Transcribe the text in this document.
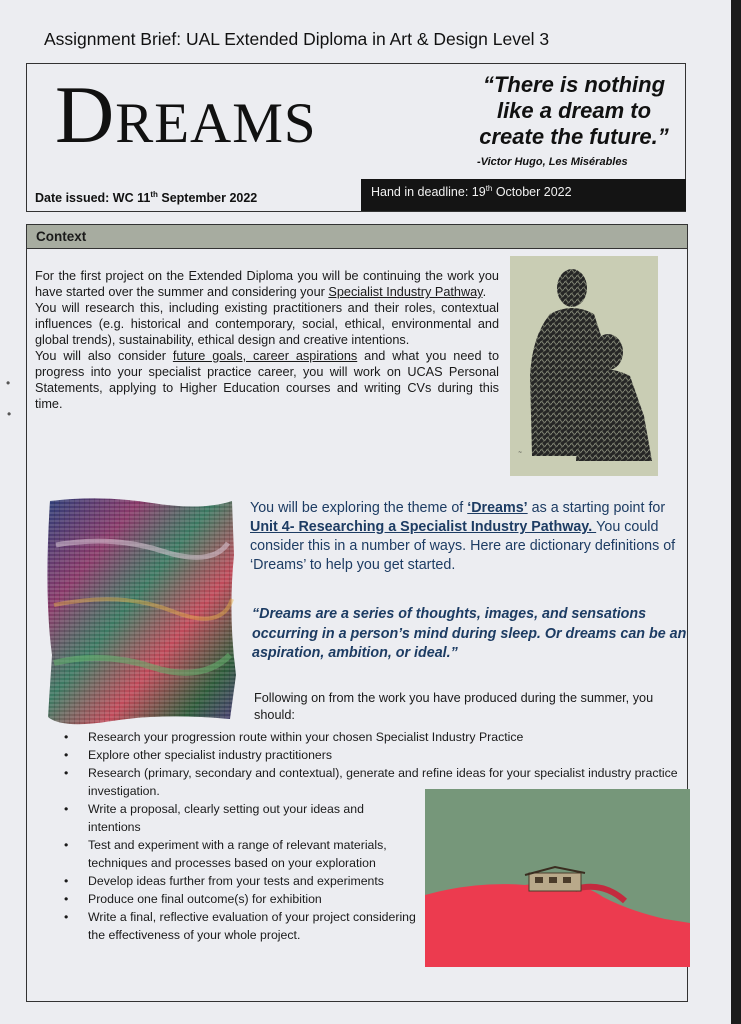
Assignment Brief: UAL Extended Diploma in Art & Design Level 3
Dreams	“There is nothing like a dream to create the future.”
-Victor Hugo, Les Misérables
Date issued: WC 11th September 2022	Hand in deadline: 19th October 2022
Context

For the first project on the Extended Diploma you will be continuing the work you have started over the summer and considering your Specialist Industry Pathway.

You will research this, including existing practitioners and their roles, contextual influences (e.g. historical and contemporary, social, ethical, environmental and global trends), sustainability, ethical design and creative intentions.

You will also consider future goals, career aspirations and what you need to progress into your specialist practice career, you will work on UCAS Personal Statements, applying to Higher Education courses and writing CVs during this time.

~

You will be exploring the theme of ‘Dreams’ as a starting point for Unit 4- Researching a Specialist Industry Pathway. You could consider this in a number of ways. Here are dictionary definitions of ‘Dreams’ to help you get started.

“Dreams are a series of thoughts, images, and sensations occurring in a person’s mind during sleep. Or dreams can be an aspiration, ambition, or ideal.”
Following on from the work you have produced during the summer, you should:
• Research your progression route within your chosen Specialist Industry Practice
• Explore other specialist industry practitioners
• Research (primary, secondary and contextual), generate and refine ideas for your specialist industry practice investigation.
• Write a proposal, clearly setting out your ideas and intentions
• Test and experiment with a range of relevant materials, techniques and processes based on your exploration
• Develop ideas further from your tests and experiments
• Produce one final outcome(s) for exhibition
• Write a final, reflective evaluation of your project considering the effectiveness of your whole project.
•
•
